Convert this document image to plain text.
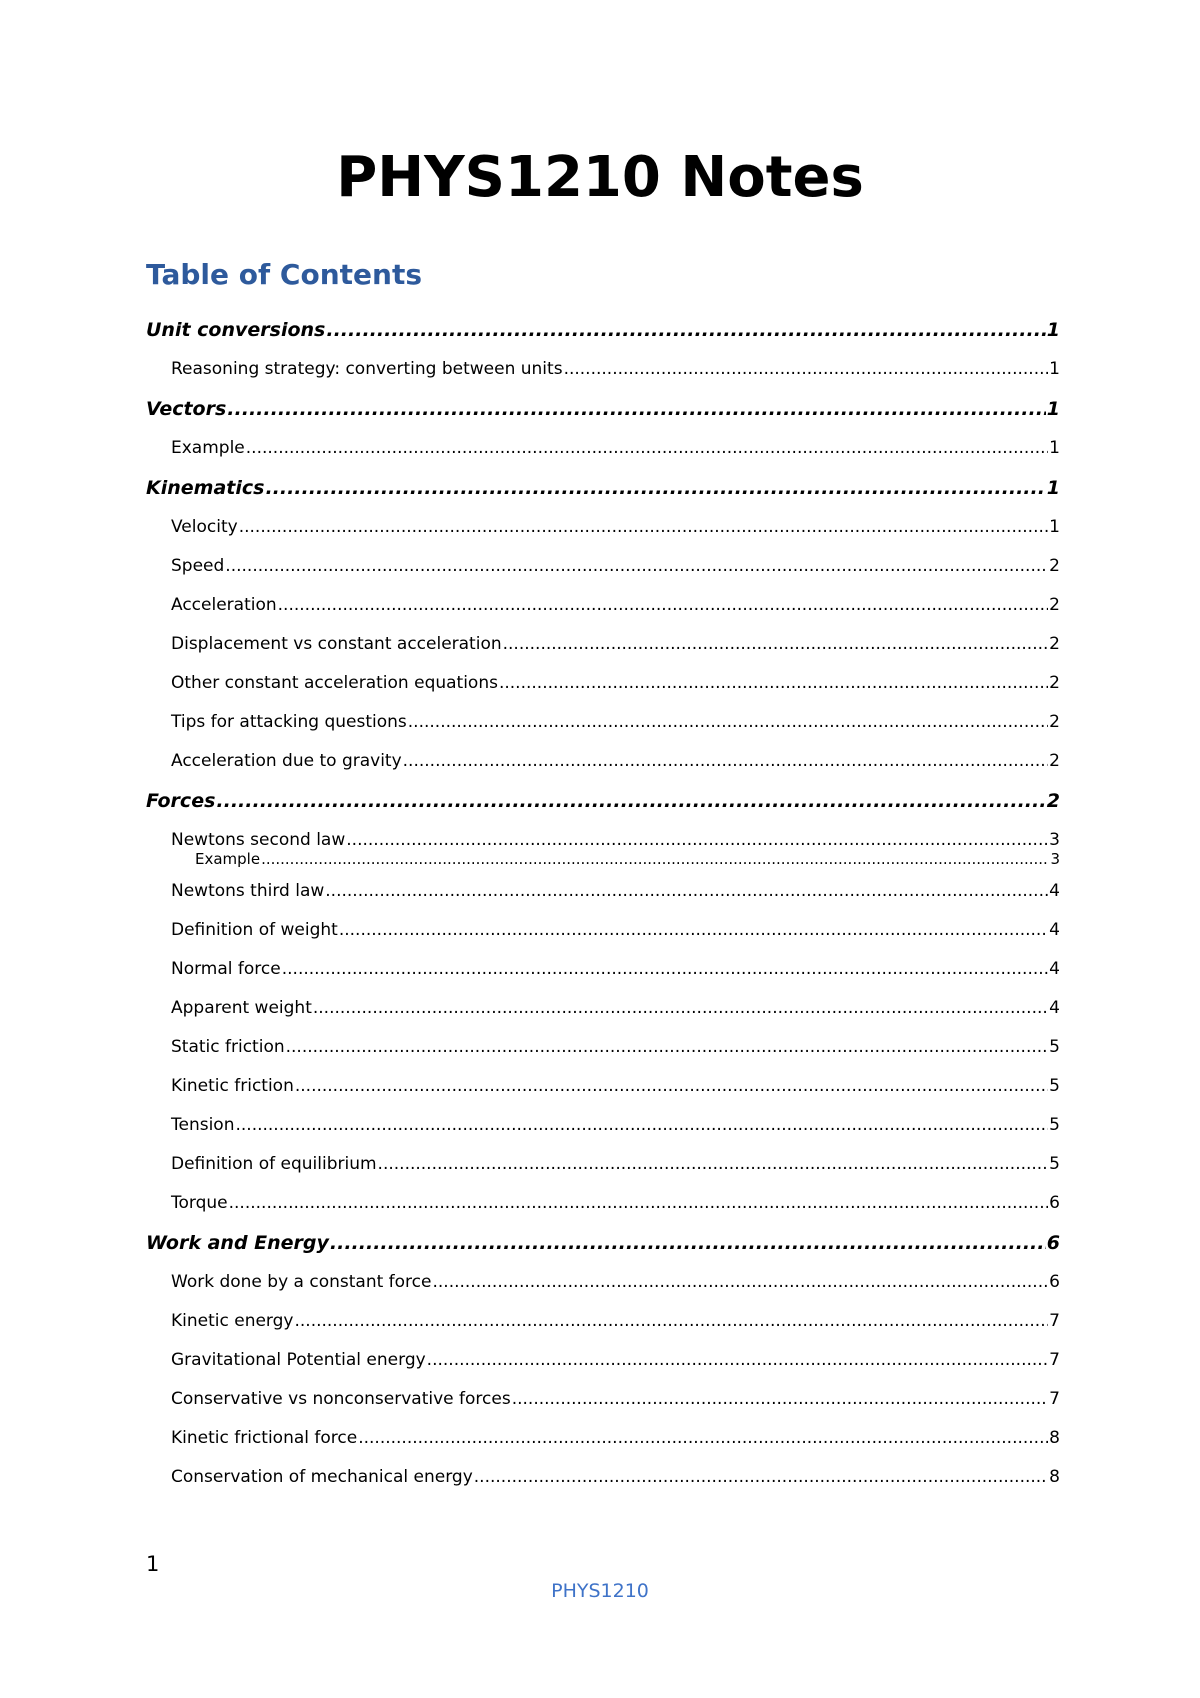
PHYS1210 Notes
Table of Contents
Unit conversions .....	1
Reasoning strategy: converting between units .....	1
Vectors .....	1
Example .....	1
Kinematics .....	1
Velocity .....	1
Speed .....	2
Acceleration .....	2
Displacement vs constant acceleration .....	2
Other constant acceleration equations .....	2
Tips for attacking questions .....	2
Acceleration due to gravity .....	2
Forces .....	2
Newtons second law .....	3
Example .....	3
Newtons third law .....	4
Definition of weight .....	4
Normal force .....	4
Apparent weight .....	4
Static friction .....	5
Kinetic friction .....	5
Tension .....	5
Definition of equilibrium .....	5
Torque .....	6
Work and Energy .....	6
Work done by a constant force .....	6
Kinetic energy .....	7
Gravitational Potential energy .....	7
Conservative vs nonconservative forces .....	7
Kinetic frictional force .....	8
Conservation of mechanical energy .....	8
1
PHYS1210
